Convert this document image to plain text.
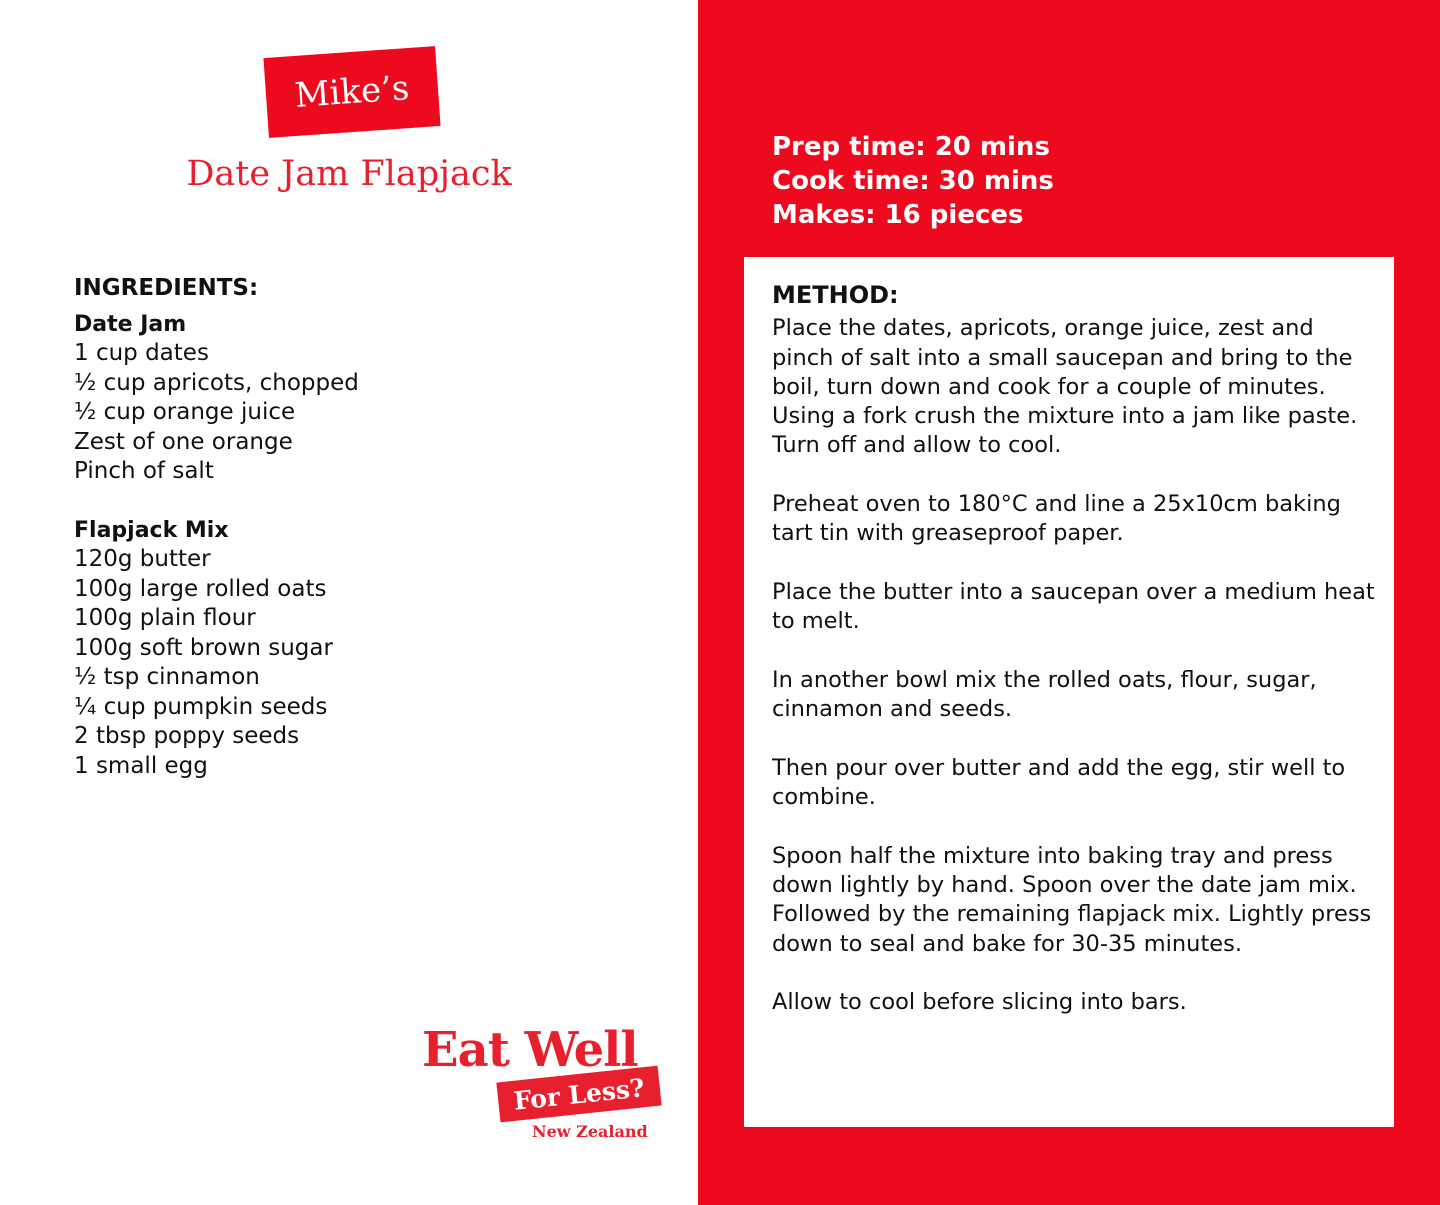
Mike’s
Date Jam Flapjack
INGREDIENTS:
Date Jam
1 cup dates
½ cup apricots, chopped
½ cup orange juice
Zest of one orange
Pinch of salt
Flapjack Mix
120g butter
100g large rolled oats
100g plain flour
100g soft brown sugar
½ tsp cinnamon
¼ cup pumpkin seeds
2 tbsp poppy seeds
1 small egg
Eat Well
For Less?
New Zealand
Prep time: 20 mins
Cook time: 30 mins
Makes: 16 pieces
METHOD:

Place the dates, apricots, orange juice, zest and pinch of salt into a small saucepan and bring to the boil, turn down and cook for a couple of minutes. Using a fork crush the mixture into a jam like paste. Turn off and allow to cool.

Preheat oven to 180°C and line a 25x10cm baking tart tin with greaseproof paper.

Place the butter into a saucepan over a medium heat to melt.

In another bowl mix the rolled oats, flour, sugar, cinnamon and seeds.

Then pour over butter and add the egg, stir well to combine.

Spoon half the mixture into baking tray and press down lightly by hand. Spoon over the date jam mix. Followed by the remaining flapjack mix. Lightly press down to seal and bake for 30-35 minutes.

Allow to cool before slicing into bars.
